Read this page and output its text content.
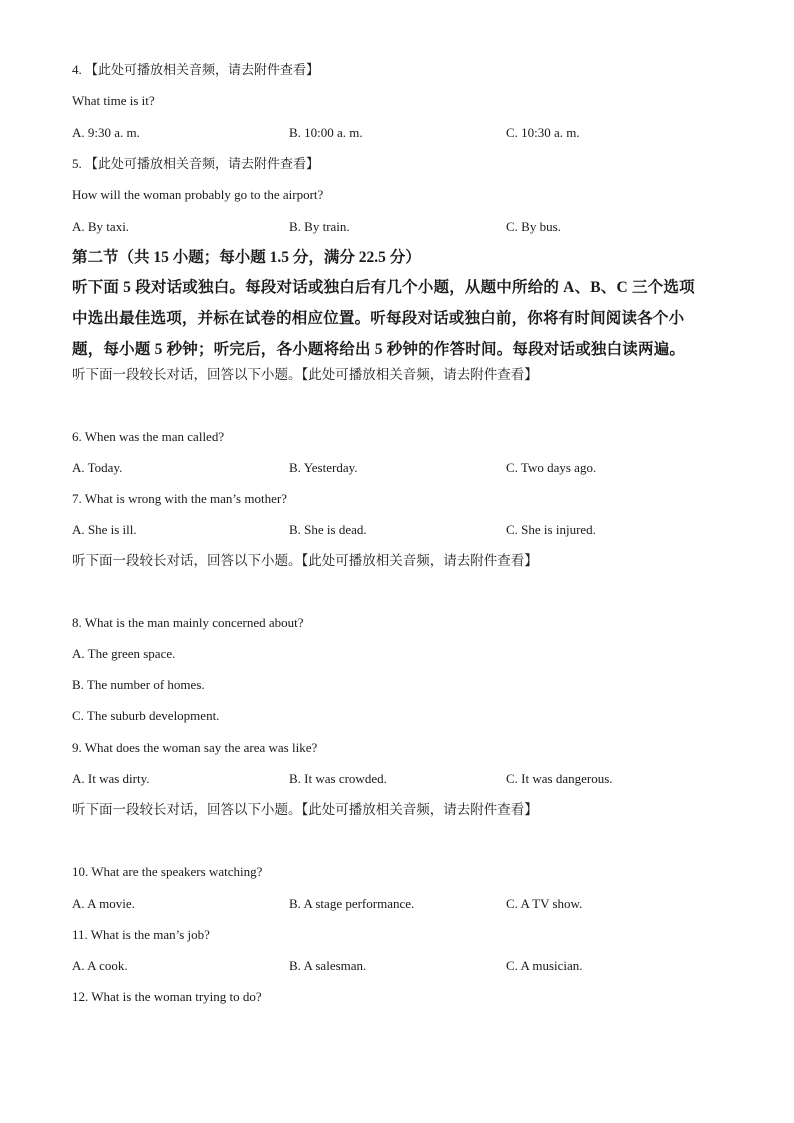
4. 【此处可播放相关音频，请去附件查看】
What time is it?
A. 9:30 a. m.	B. 10:00 a. m.	C. 10:30 a. m.
5. 【此处可播放相关音频，请去附件查看】
How will the woman probably go to the airport?
A. By taxi.	B. By train.	C. By bus.
第二节（共 15 小题；每小题 1.5 分，满分 22.5 分）
听下面 5 段对话或独白。每段对话或独白后有几个小题，从题中所给的 A、B、C 三个选项
中选出最佳选项，并标在试卷的相应位置。听每段对话或独白前，你将有时间阅读各个小
题，每小题 5 秒钟；听完后，各小题将给出 5 秒钟的作答时间。每段对话或独白读两遍。
听下面一段较长对话，回答以下小题。【此处可播放相关音频，请去附件查看】
6. When was the man called?
A. Today.	B. Yesterday.	C. Two days ago.
7. What is wrong with the man’s mother?
A. She is ill.	B. She is dead.	C. She is injured.
听下面一段较长对话，回答以下小题。【此处可播放相关音频，请去附件查看】
8. What is the man mainly concerned about?
A. The green space.
B. The number of homes.
C. The suburb development.
9. What does the woman say the area was like?
A. It was dirty.	B. It was crowded.	C. It was dangerous.
听下面一段较长对话，回答以下小题。【此处可播放相关音频，请去附件查看】
10. What are the speakers watching?
A. A movie.	B. A stage performance.	C. A TV show.
11. What is the man’s job?
A. A cook.	B. A salesman.	C. A musician.
12. What is the woman trying to do?
